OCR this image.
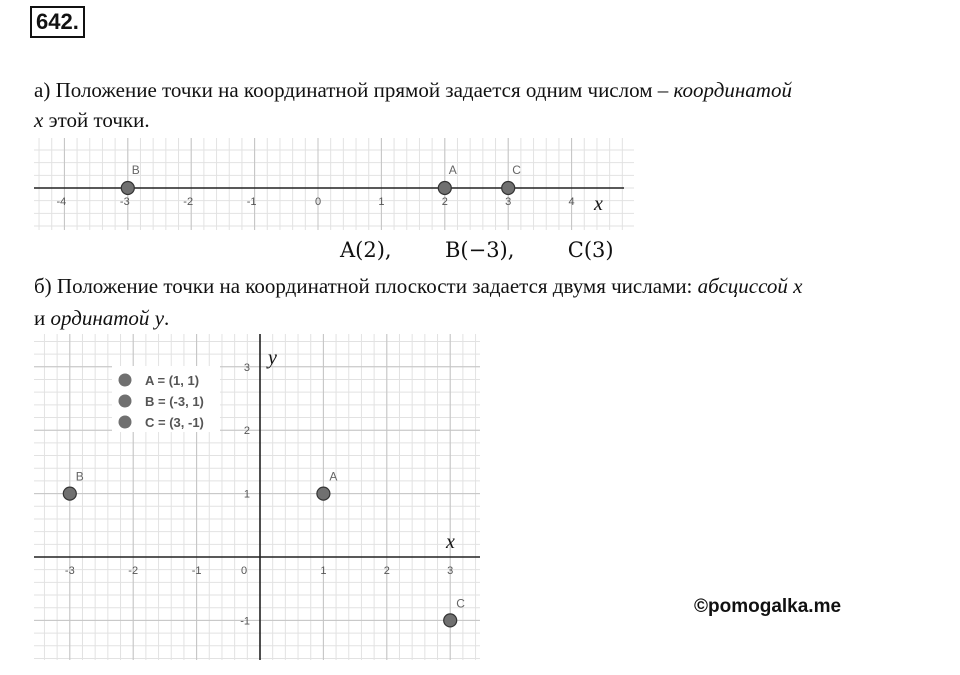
642.
а) Положение точки на координатной прямой задается одним числом – координатой
x этой точки.
-4	-3	-2	-1	0	1	2	3	4 x
B	A	C
A(2),	B(−3),	C(3)
б) Положение точки на координатной плоскости задается двумя числами: абсциссой x
и ординатой y.
-3	-2	-1	1	2	3
0
1
2
3
-1
x
y
A = (1, 1)
B = (-3, 1)
C = (3, -1)
A
B
C	©pomogalka.me
